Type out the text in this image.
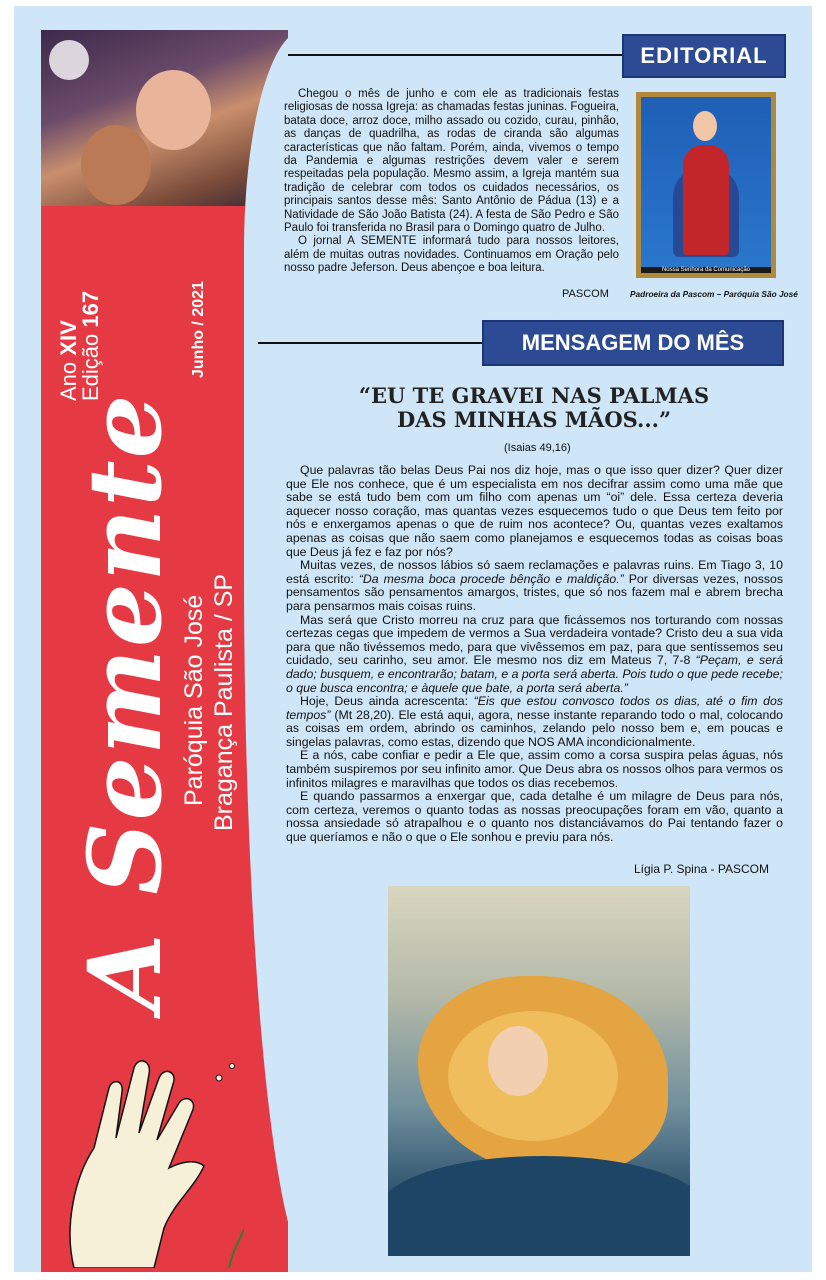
Ano XIV
Edição 167	Junho / 2021
Paróquia São José Bragança Paulista / SP
A Semente
EDITORIAL

Chegou o mês de junho e com ele as tradicionais festas religiosas de nossa Igreja: as chamadas festas juninas. Fogueira, batata doce, arroz doce, milho assado ou cozido, curau, pinhão, as danças de quadrilha, as rodas de ciranda são algumas características que não faltam. Porém, ainda, vivemos o tempo da Pandemia e algumas restrições devem valer e serem respeitadas pela população. Mesmo assim, a Igreja mantém sua tradição de celebrar com todos os cuidados necessários, os principais santos desse mês: Santo Antônio de Pádua (13) e a Natividade de São João Batista (24). A festa de São Pedro e São Paulo foi transferida no Brasil para o Domingo quatro de Julho.

O jornal A SEMENTE informará tudo para nossos leitores, além de muitas outras novidades. Continuamos em Oração pelo nosso padre Jeferson. Deus abençoe e boa leitura.

PASCOM
Nossa Senhora da Comunicação
Padroeira da Pascom – Paróquia São José
MENSAGEM DO MÊS
“EU TE GRAVEI NAS PALMAS DAS MINHAS MÃOS...”
(Isaias 49,16)

Que palavras tão belas Deus Pai nos diz hoje, mas o que isso quer dizer? Quer dizer que Ele nos conhece, que é um especialista em nos decifrar assim como uma mãe que sabe se está tudo bem com um filho com apenas um “oi” dele. Essa certeza deveria aquecer nosso coração, mas quantas vezes esquecemos tudo o que Deus tem feito por nós e enxergamos apenas o que de ruim nos acontece? Ou, quantas vezes exaltamos apenas as coisas que não saem como planejamos e esquecemos todas as coisas boas que Deus já fez e faz por nós?

Muitas vezes, de nossos lábios só saem reclamações e palavras ruins. Em Tiago 3, 10 está escrito: “Da mesma boca procede bênção e maldição.” Por diversas vezes, nossos pensamentos são pensamentos amargos, tristes, que só nos fazem mal e abrem brecha para pensarmos mais coisas ruins.

Mas será que Cristo morreu na cruz para que ficássemos nos torturando com nossas certezas cegas que impedem de vermos a Sua verdadeira vontade? Cristo deu a sua vida para que não tivéssemos medo, para que vivêssemos em paz, para que sentíssemos seu cuidado, seu carinho, seu amor. Ele mesmo nos diz em Mateus 7, 7-8 “Peçam, e será dado; busquem, e encontrarão; batam, e a porta será aberta. Pois tudo o que pede recebe; o que busca encontra; e àquele que bate, a porta será aberta.”

Hoje, Deus ainda acrescenta: “Eis que estou convosco todos os dias, até o fim dos tempos” (Mt 28,20). Ele está aqui, agora, nesse instante reparando todo o mal, colocando as coisas em ordem, abrindo os caminhos, zelando pelo nosso bem e, em poucas e singelas palavras, como estas, dizendo que NOS AMA incondicionalmente.

E a nós, cabe confiar e pedir a Ele que, assim como a corsa suspira pelas águas, nós também suspiremos por seu infinito amor. Que Deus abra os nossos olhos para vermos os infinitos milagres e maravilhas que todos os dias recebemos.

E quando passarmos a enxergar que, cada detalhe é um milagre de Deus para nós, com certeza, veremos o quanto todas as nossas preocupações foram em vão, quanto a nossa ansiedade só atrapalhou e o quanto nos distanciávamos do Pai tentando fazer o que queríamos e não o que o Ele sonhou e previu para nós.

Lígia P. Spina - PASCOM
